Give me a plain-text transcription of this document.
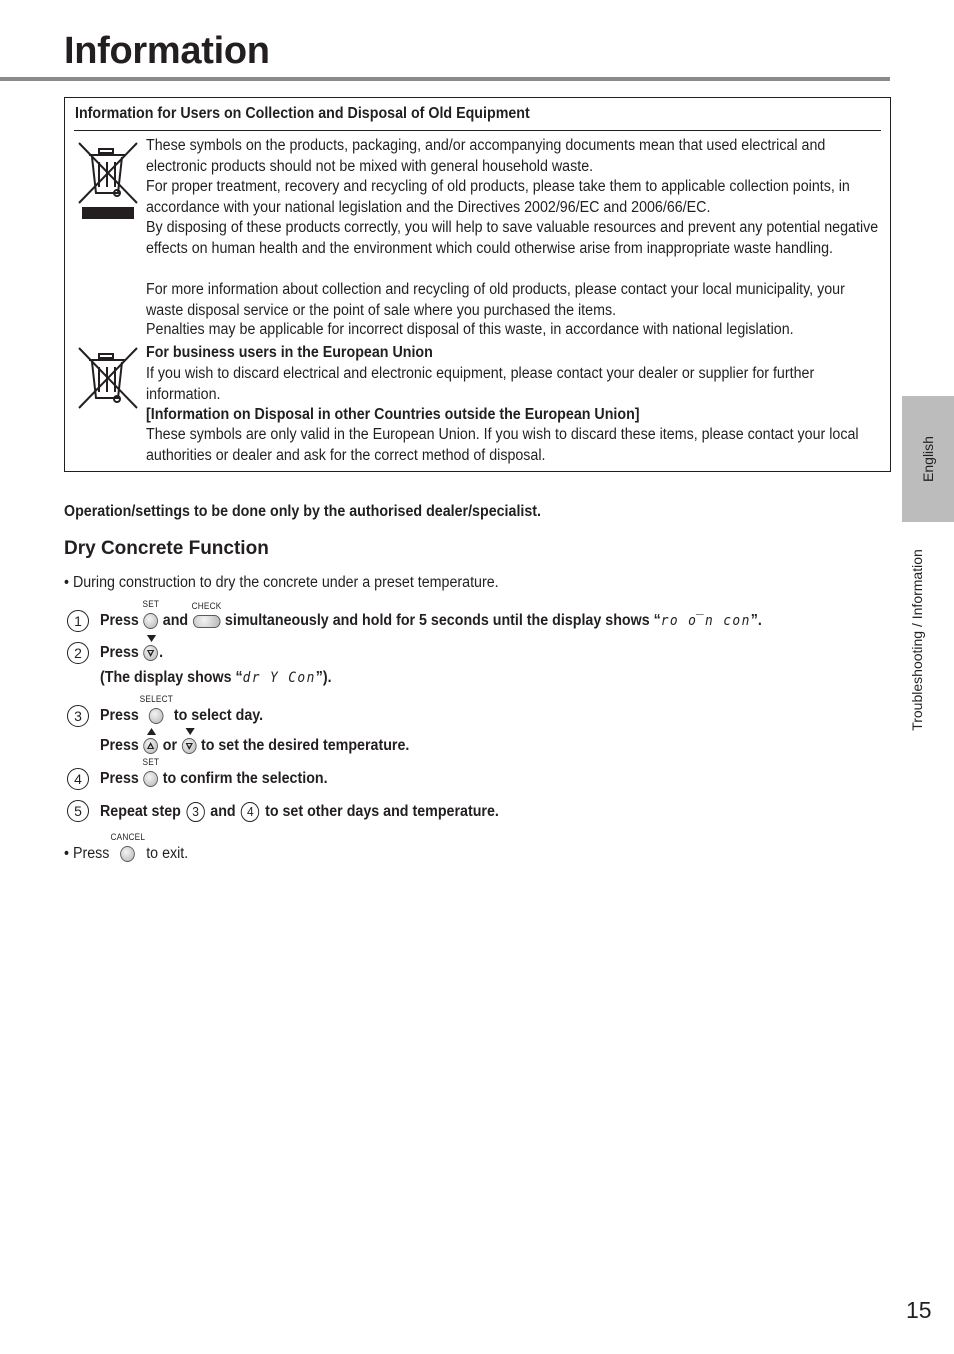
Information
Information for Users on Collection and Disposal of Old Equipment
These symbols on the products, packaging, and/or accompanying documents mean that used electrical and electronic products should not be mixed with general household waste.
For proper treatment, recovery and recycling of old products, please take them to applicable collection points, in accordance with your national legislation and the Directives 2002/96/EC and 2006/66/EC.
By disposing of these products correctly, you will help to save valuable resources and prevent any potential negative effects on human health and the environment which could otherwise arise from inappropriate waste handling.
For more information about collection and recycling of old products, please contact your local municipality, your waste disposal service or the point of sale where you purchased the items.
Penalties may be applicable for incorrect disposal of this waste, in accordance with national legislation.
For business users in the European Union
If you wish to discard electrical and electronic equipment, please contact your dealer or supplier for further information.
[Information on Disposal in other Countries outside the European Union]
These symbols are only valid in the European Union. If you wish to discard these items, please contact your local authorities or dealer and ask for the correct method of disposal.
Operation/settings to be done only by the authorised dealer/specialist.
Dry Concrete Function
• During construction to dry the concrete under a preset temperature.
1	Press
SET
and
CHECK
simultaneously and hold for 5 seconds until the display shows “ ro o̅n con ”.
2	Press .
(The display shows “ dr Y Con ”).
3	Press
SELECT
to select day.
Press or to set the desired temperature.
4	Press
SET
to confirm the selection.
5	Repeat step 3 and 4 to set other days and temperature.
• Press
CANCEL
to exit.
English
Troubleshooting / Information
15
